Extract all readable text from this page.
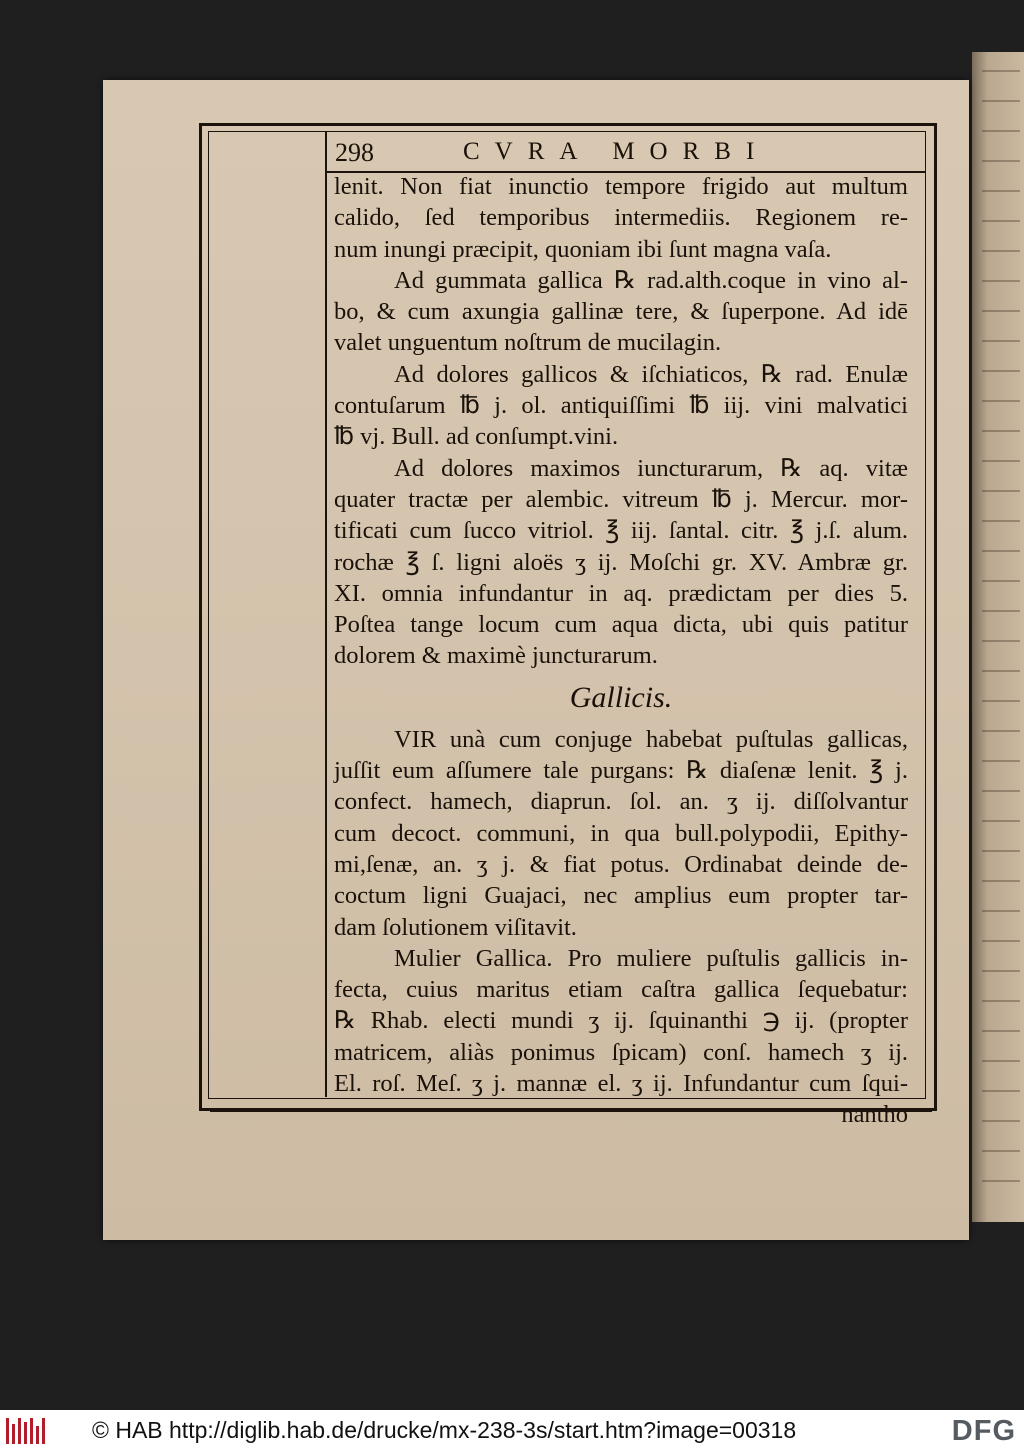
298	CVRA MORBI
lenit. Non fiat inunctio tempore frigido aut multum
calido, ſed temporibus intermediis. Regionem re-
num inungi præcipit, quoniam ibi ſunt magna vaſa.
Ad gummata gallica ℞ rad.alth.coque in vino al-
bo, & cum axungia gallinæ tere, & ſuperpone. Ad idē
valet unguentum noſtrum de mucilagin.
Ad dolores gallicos & iſchiaticos, ℞ rad. Enulæ
contuſarum ℔ j. ol. antiquiſſimi ℔ iij. vini malvatici
℔ vj. Bull. ad conſumpt.vini.
Ad dolores maximos iuncturarum, ℞ aq. vitæ
quater tractæ per alembic. vitreum ℔ j. Mercur. mor-
tificati cum ſucco vitriol. ℥ iij. ſantal. citr. ℥ j.ſ. alum.
rochæ ℥ ſ. ligni aloës ʒ ij. Moſchi gr. XV. Ambræ gr.
XI. omnia infundantur in aq. prædictam per dies 5.
Poſtea tange locum cum aqua dicta, ubi quis patitur
dolorem & maximè juncturarum.
Gallicis.
VIR unà cum conjuge habebat puſtulas gallicas,
juſſit eum aſſumere tale purgans: ℞ diaſenæ lenit. ℥ j.
confect. hamech, diaprun. ſol. an. ʒ ij. diſſolvantur
cum decoct. communi, in qua bull.polypodii, Epithy-
mi,ſenæ, an. ʒ j. & fiat potus. Ordinabat deinde de-
coctum ligni Guajaci, nec amplius eum propter tar-
dam ſolutionem viſitavit.
Mulier Gallica. Pro muliere puſtulis gallicis in-
fecta, cuius maritus etiam caſtra gallica ſequebatur:
℞ Rhab. electi mundi ʒ ij. ſquinanthi ℈ ij. (propter
matricem, aliàs ponimus ſpicam) conſ. hamech ʒ ij.
El. roſ. Meſ. ʒ j. mannæ el. ʒ ij. Infundantur cum ſqui-
nantho
© HAB http://diglib.hab.de/drucke/mx-238-3s/start.htm?image=00318	DFG
